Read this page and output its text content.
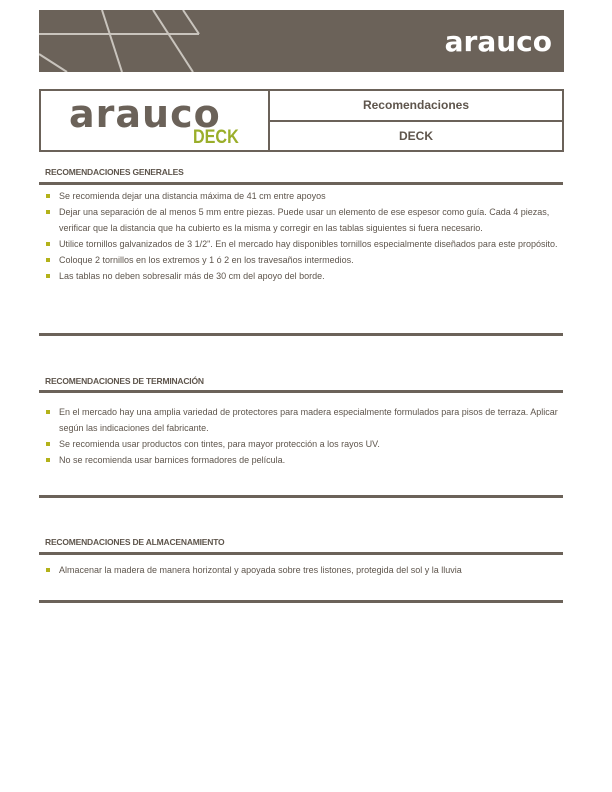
arauco
arauco
DECK
Recomendaciones
DECK
RECOMENDACIONES GENERALES
Se recomienda dejar una distancia máxima de 41 cm entre apoyos
Dejar una separación de al menos 5 mm entre piezas. Puede usar un elemento de ese espesor como guía. Cada 4 piezas, verificar que la distancia que ha cubierto es la misma y corregir en las tablas siguientes si fuera necesario.
Utilice tornillos galvanizados de 3 1/2". En el mercado hay disponibles tornillos especialmente diseñados para este propósito.
Coloque 2 tornillos en los extremos y 1 ó 2 en los travesaños intermedios.
Las tablas no deben sobresalir más de 30 cm del apoyo del borde.
RECOMENDACIONES DE TERMINACIÓN
En el mercado hay una amplia variedad de protectores para madera especialmente formulados para pisos de terraza. Aplicar según las indicaciones del fabricante.
Se recomienda usar productos con tintes, para mayor protección a los rayos UV.
No se recomienda usar barnices formadores de película.
RECOMENDACIONES DE ALMACENAMIENTO
Almacenar la madera de manera horizontal y apoyada sobre tres listones, protegida del sol y la lluvia
